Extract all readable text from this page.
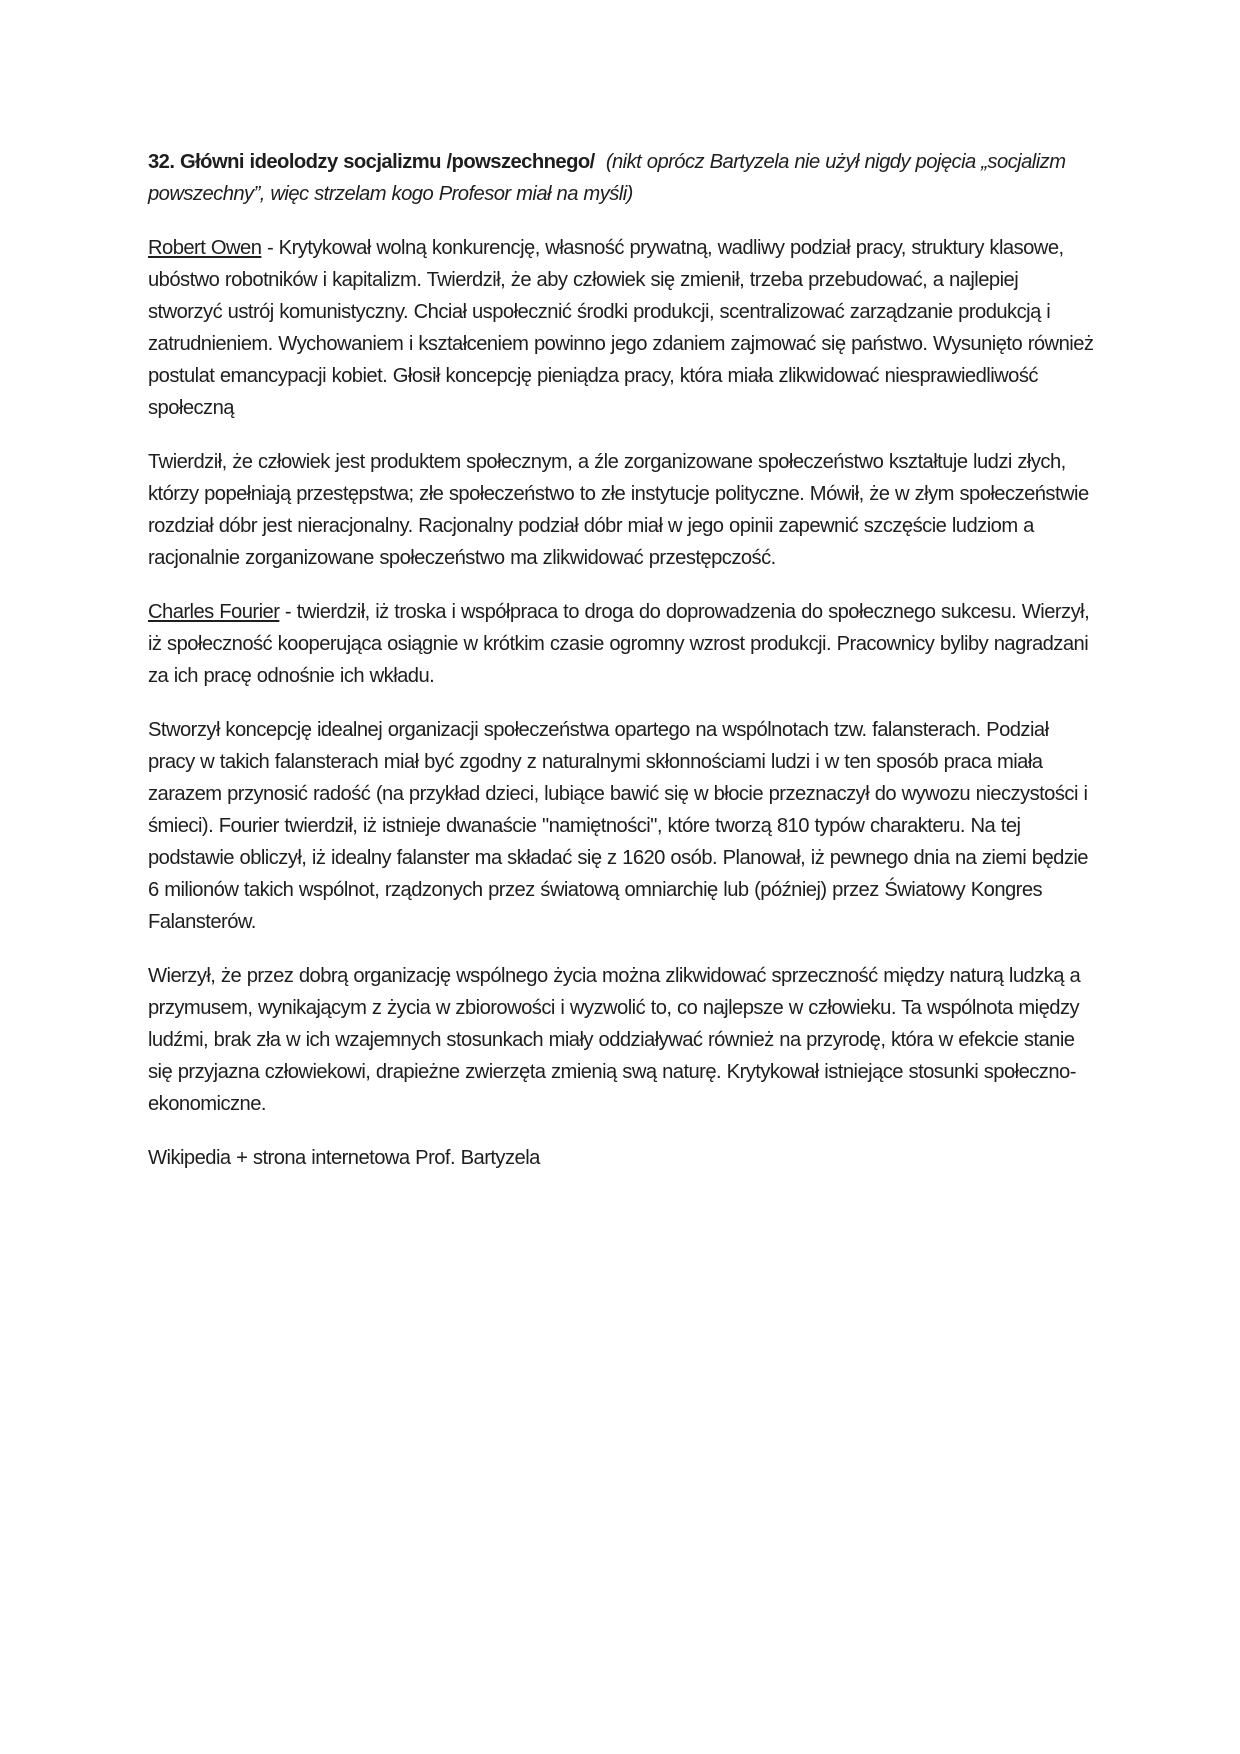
32. Główni ideolodzy socjalizmu /powszechnego/ (nikt oprócz Bartyzela nie użył nigdy pojęcia „socjalizm powszechny”, więc strzelam kogo Profesor miał na myśli)

Robert Owen - Krytykował wolną konkurencję, własność prywatną, wadliwy podział pracy, struktury klasowe, ubóstwo robotników i kapitalizm. Twierdził, że aby człowiek się zmienił, trzeba przebudować, a najlepiej stworzyć ustrój komunistyczny. Chciał uspołecznić środki produkcji, scentralizować zarządzanie produkcją i zatrudnieniem. Wychowaniem i kształceniem powinno jego zdaniem zajmować się państwo. Wysunięto również postulat emancypacji kobiet. Głosił koncepcję pieniądza pracy, która miała zlikwidować niesprawiedliwość społeczną

Twierdził, że człowiek jest produktem społecznym, a źle zorganizowane społeczeństwo kształtuje ludzi złych, którzy popełniają przestępstwa; złe społeczeństwo to złe instytucje polityczne. Mówił, że w złym społeczeństwie rozdział dóbr jest nieracjonalny. Racjonalny podział dóbr miał w jego opinii zapewnić szczęście ludziom a racjonalnie zorganizowane społeczeństwo ma zlikwidować przestępczość.

Charles Fourier - twierdził, iż troska i współpraca to droga do doprowadzenia do społecznego sukcesu. Wierzył, iż społeczność kooperująca osiągnie w krótkim czasie ogromny wzrost produkcji. Pracownicy byliby nagradzani za ich pracę odnośnie ich wkładu.

Stworzył koncepcję idealnej organizacji społeczeństwa opartego na wspólnotach tzw. falansterach. Podział pracy w takich falansterach miał być zgodny z naturalnymi skłonnościami ludzi i w ten sposób praca miała zarazem przynosić radość (na przykład dzieci, lubiące bawić się w błocie przeznaczył do wywozu nieczystości i śmieci). Fourier twierdził, iż istnieje dwanaście "namiętności", które tworzą 810 typów charakteru. Na tej podstawie obliczył, iż idealny falanster ma składać się z 1620 osób. Planował, iż pewnego dnia na ziemi będzie 6 milionów takich wspólnot, rządzonych przez światową omniarchię lub (później) przez Światowy Kongres Falansterów.

Wierzył, że przez dobrą organizację wspólnego życia można zlikwidować sprzeczność między naturą ludzką a przymusem, wynikającym z życia w zbiorowości i wyzwolić to, co najlepsze w człowieku. Ta wspólnota między ludźmi, brak zła w ich wzajemnych stosunkach miały oddziaływać również na przyrodę, która w efekcie stanie się przyjazna człowiekowi, drapieżne zwierzęta zmienią swą naturę. Krytykował istniejące stosunki społeczno-ekonomiczne.

Wikipedia + strona internetowa Prof. Bartyzela
